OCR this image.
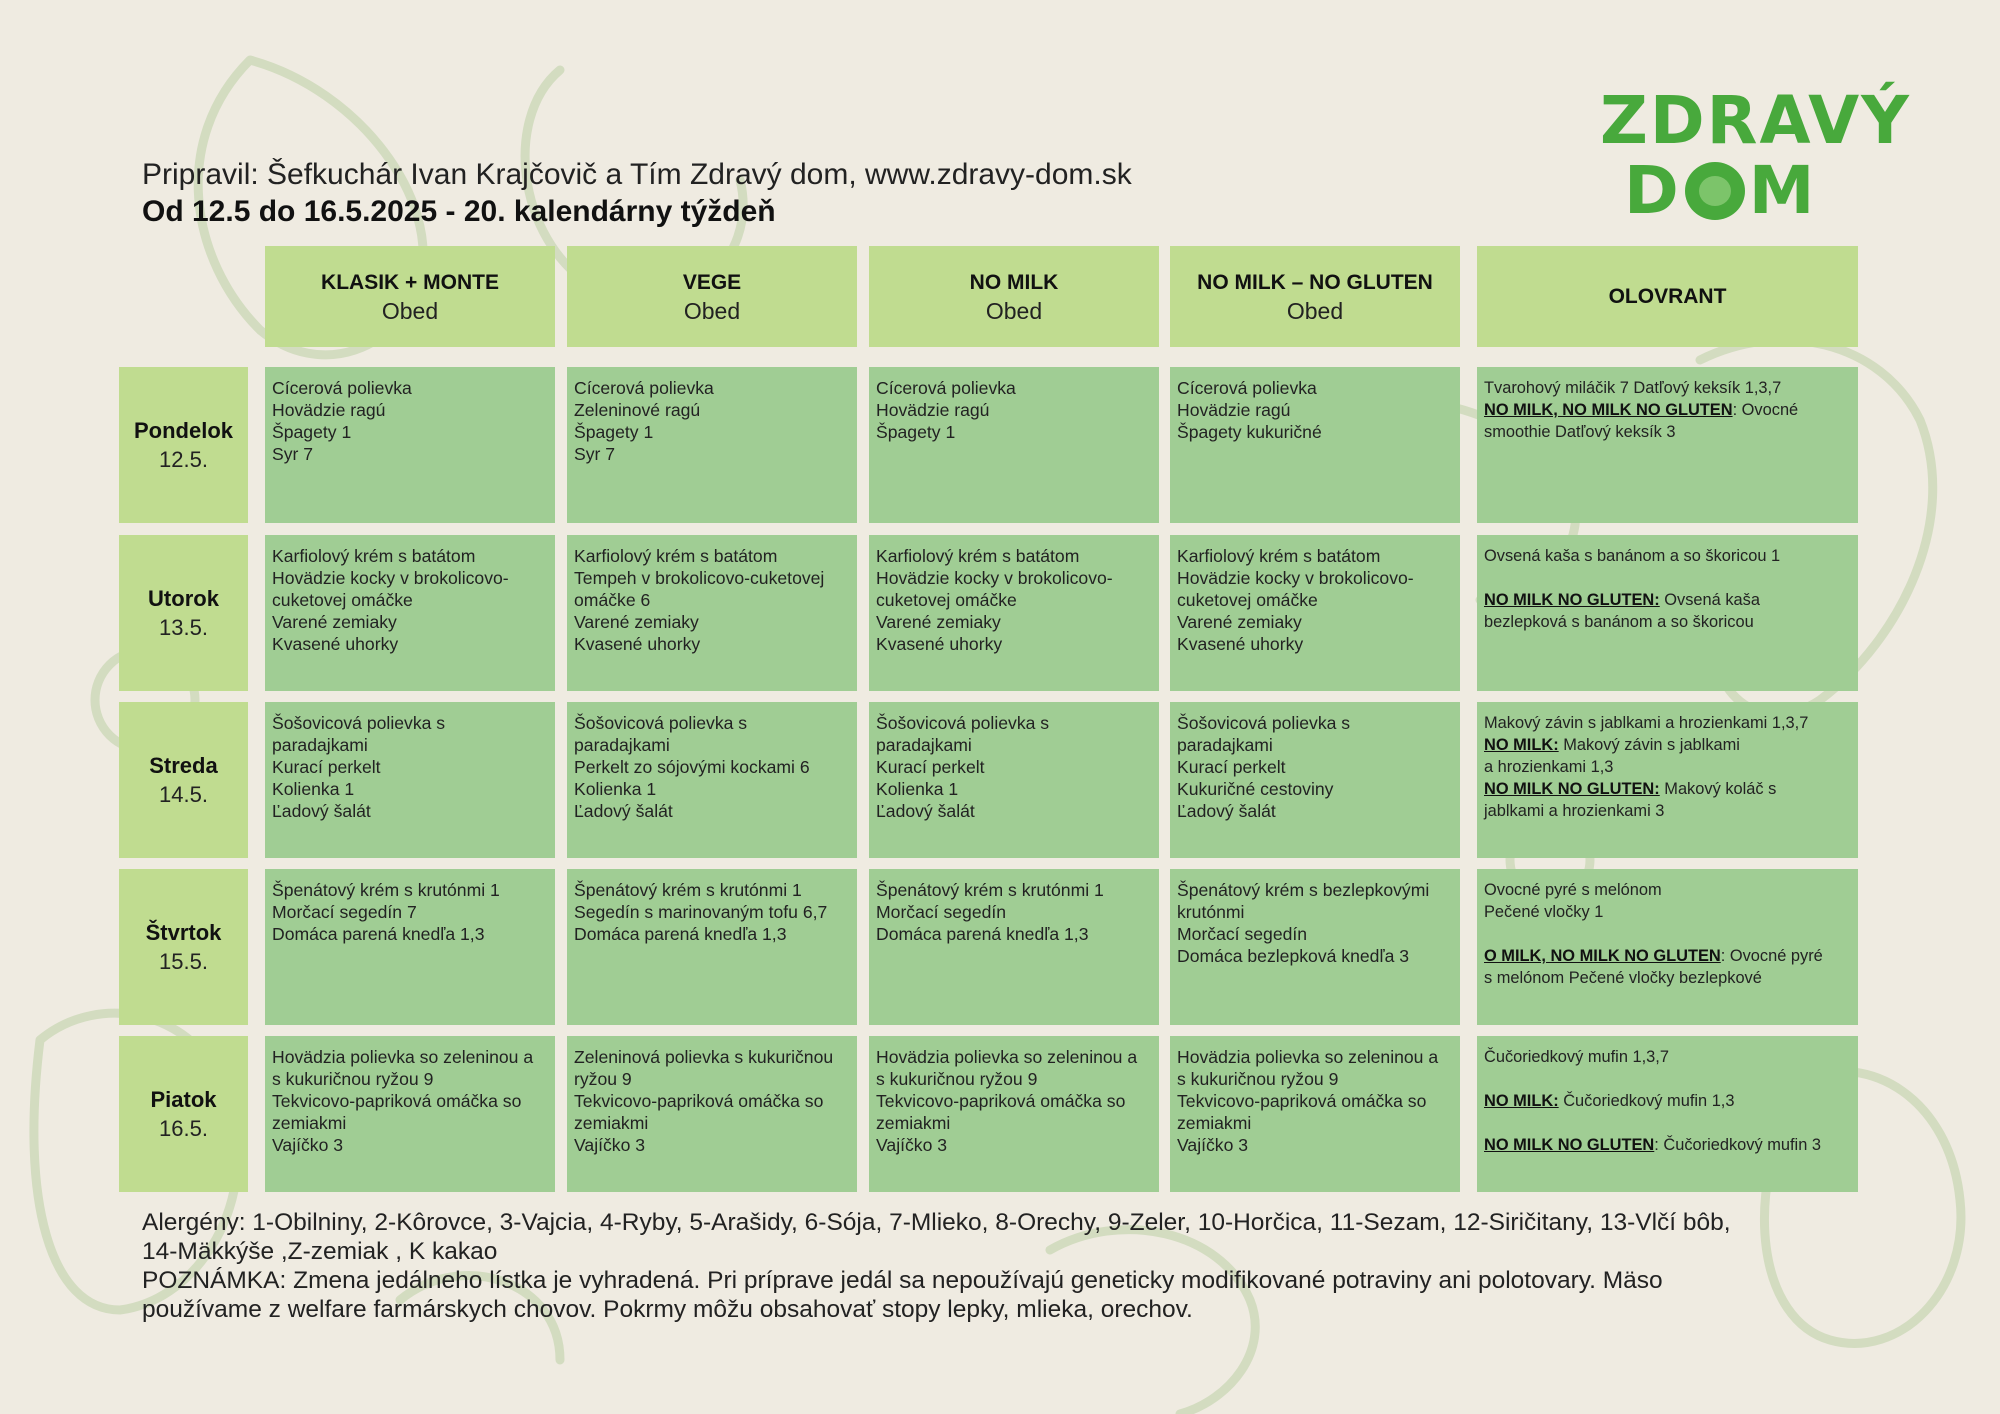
Pripravil: Šefkuchár Ivan Krajčovič a Tím Zdravý dom, www.zdravy-dom.sk
Od 12.5 do 16.5.2025 - 20. kalendárny týždeň
ZDRAVÝ
D M
KLASIK + MONTE
Obed
VEGE
Obed
NO MILK
Obed
NO MILK – NO GLUTEN
Obed
OLOVRANT
Pondelok
12.5.
Cícerová polievka
Hovädzie ragú
Špagety 1
Syr 7
Cícerová polievka
Zeleninové ragú
Špagety 1
Syr 7
Cícerová polievka
Hovädzie ragú
Špagety 1
Cícerová polievka
Hovädzie ragú
Špagety kukuričné
Tvarohový miláčik 7 Datľový keksík 1,3,7
NO MILK, NO MILK NO GLUTEN: Ovocné
smoothie Datľový keksík 3
Utorok
13.5.
Karfiolový krém s batátom
Hovädzie kocky v brokolicovo-
cuketovej omáčke
Varené zemiaky
Kvasené uhorky
Karfiolový krém s batátom
Tempeh v brokolicovo-cuketovej
omáčke 6
Varené zemiaky
Kvasené uhorky
Karfiolový krém s batátom
Hovädzie kocky v brokolicovo-
cuketovej omáčke
Varené zemiaky
Kvasené uhorky
Karfiolový krém s batátom
Hovädzie kocky v brokolicovo-
cuketovej omáčke
Varené zemiaky
Kvasené uhorky
Ovsená kaša s banánom a so škoricou 1
NO MILK NO GLUTEN: Ovsená kaša
bezlepková s banánom a so škoricou
Streda
14.5.
Šošovicová polievka s
paradajkami
Kurací perkelt
Kolienka 1
Ľadový šalát
Šošovicová polievka s
paradajkami
Perkelt zo sójovými kockami 6
Kolienka 1
Ľadový šalát
Šošovicová polievka s
paradajkami
Kurací perkelt
Kolienka 1
Ľadový šalát
Šošovicová polievka s
paradajkami
Kurací perkelt
Kukuričné cestoviny
Ľadový šalát
Makový závin s jablkami a hrozienkami 1,3,7
NO MILK: Makový závin s jablkami
a hrozienkami 1,3
NO MILK NO GLUTEN: Makový koláč s
jablkami a hrozienkami 3
Štvrtok
15.5.
Špenátový krém s krutónmi 1
Morčací segedín 7
Domáca parená knedľa 1,3
Špenátový krém s krutónmi 1
Segedín s marinovaným tofu 6,7
Domáca parená knedľa 1,3
Špenátový krém s krutónmi 1
Morčací segedín
Domáca parená knedľa 1,3
Špenátový krém s bezlepkovými
krutónmi
Morčací segedín
Domáca bezlepková knedľa 3
Ovocné pyré s melónom
Pečené vločky 1
O MILK, NO MILK NO GLUTEN: Ovocné pyré
s melónom Pečené vločky bezlepkové
Piatok
16.5.
Hovädzia polievka so zeleninou a
s kukuričnou ryžou 9
Tekvicovo-papriková omáčka so
zemiakmi
Vajíčko 3
Zeleninová polievka s kukuričnou
ryžou 9
Tekvicovo-papriková omáčka so
zemiakmi
Vajíčko 3
Hovädzia polievka so zeleninou a
s kukuričnou ryžou 9
Tekvicovo-papriková omáčka so
zemiakmi
Vajíčko 3
Hovädzia polievka so zeleninou a
s kukuričnou ryžou 9
Tekvicovo-papriková omáčka so
zemiakmi
Vajíčko 3
Čučoriedkový mufin 1,3,7
NO MILK: Čučoriedkový mufin 1,3
NO MILK NO GLUTEN: Čučoriedkový mufin 3

Alergény: 1-Obilniny, 2-Kôrovce, 3-Vajcia, 4-Ryby, 5-Arašidy, 6-Sója, 7-Mlieko, 8-Orechy, 9-Zeler, 10-Horčica, 11-Sezam, 12-Siričitany, 13-Vlčí bôb,

14-Mäkkýše ,Z-zemiak , K kakao

POZNÁMKA: Zmena jedálneho lístka je vyhradená. Pri príprave jedál sa nepoužívajú geneticky modifikované potraviny ani polotovary. Mäso

používame z welfare farmárskych chovov. Pokrmy môžu obsahovať stopy lepky, mlieka, orechov.
